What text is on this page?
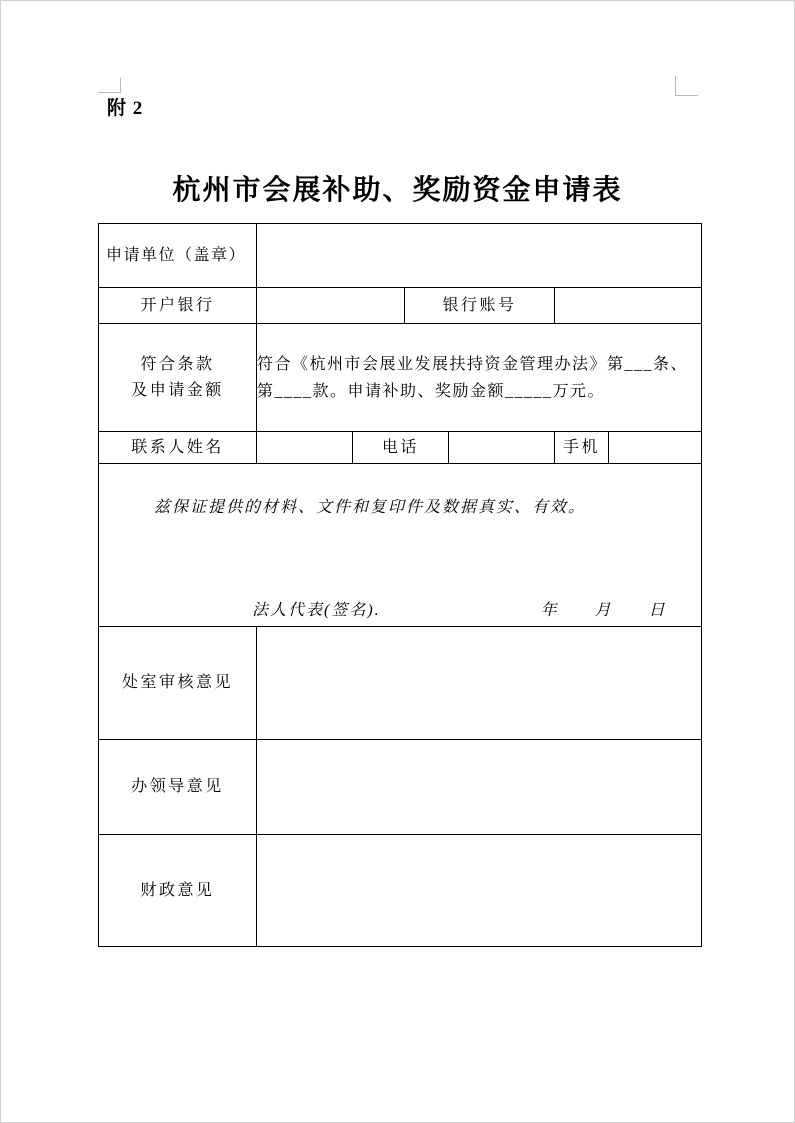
附 2
杭州市会展补助、奖励资金申请表
申请单位（盖章）						
开户银行			银行账号			

符合条款
及申请金额

符合《杭州市会展业发展扶持资金管理办法》第___条、
第____款。申请补助、奖励金额_____万元。

联系人姓名		电话			手机	

兹保证提供的材料、文件和复印件及数据真实、有效。
法人代表(签名). 年      月      日						

处室审核意见						
办领导意见						
财政意见						
